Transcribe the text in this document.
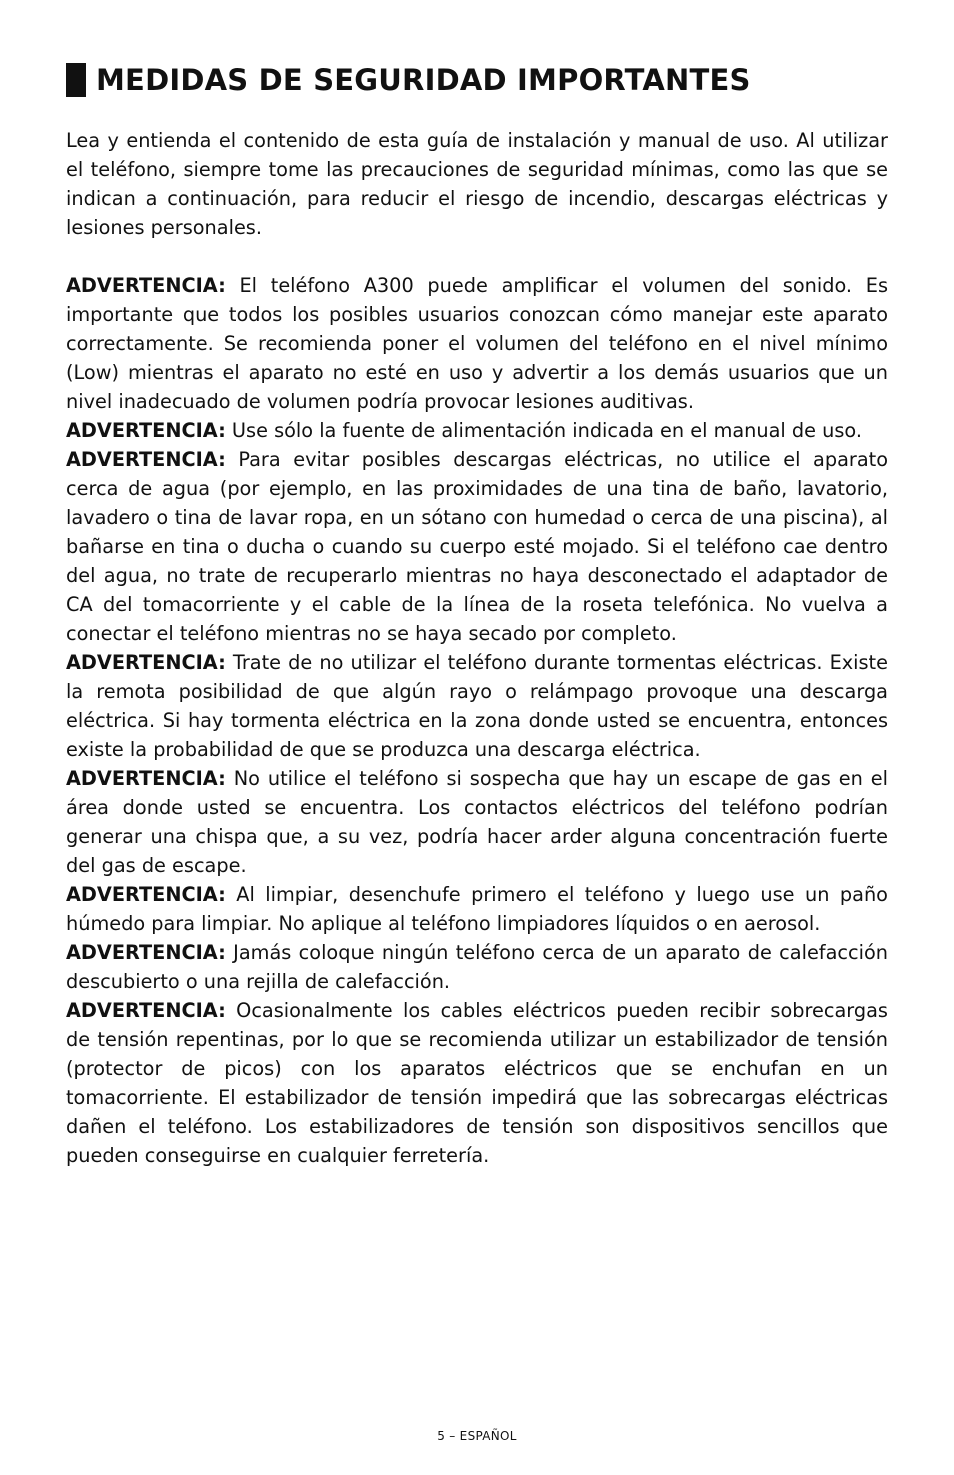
MEDIDAS DE SEGURIDAD IMPORTANTES

Lea y entienda el contenido de esta guía de instalación y manual de uso. Al utilizar el teléfono, siempre tome las precauciones de seguridad mínimas, como las que se indican a continuación, para reducir el riesgo de incendio, descargas eléctricas y lesiones personales.

ADVERTENCIA: El teléfono A300 puede amplificar el volumen del sonido. Es importante que todos los posibles usuarios conozcan cómo manejar este aparato correctamente. Se recomienda poner el volumen del teléfono en el nivel mínimo (Low) mientras el aparato no esté en uso y advertir a los demás usuarios que un nivel inadecuado de volumen podría provocar lesiones auditivas.

ADVERTENCIA: Use sólo la fuente de alimentación indicada en el manual de uso.

ADVERTENCIA: Para evitar posibles descargas eléctricas, no utilice el aparato cerca de agua (por ejemplo, en las proximidades de una tina de baño, lavatorio, lavadero o tina de lavar ropa, en un sótano con humedad o cerca de una piscina), al bañarse en tina o ducha o cuando su cuerpo esté mojado. Si el teléfono cae dentro del agua, no trate de recuperarlo mientras no haya desconectado el adaptador de CA del tomacorriente y el cable de la línea de la roseta telefónica. No vuelva a conectar el teléfono mientras no se haya secado por completo.

ADVERTENCIA: Trate de no utilizar el teléfono durante tormentas eléctricas. Existe la remota posibilidad de que algún rayo o relámpago provoque una descarga eléctrica. Si hay tormenta eléctrica en la zona donde usted se encuentra, entonces existe la probabilidad de que se produzca una descarga eléctrica.

ADVERTENCIA: No utilice el teléfono si sospecha que hay un escape de gas en el área donde usted se encuentra. Los contactos eléctricos del teléfono podrían generar una chispa que, a su vez, podría hacer arder alguna concentración fuerte del gas de escape.

ADVERTENCIA: Al limpiar, desenchufe primero el teléfono y luego use un paño húmedo para limpiar. No aplique al teléfono limpiadores líquidos o en aerosol.

ADVERTENCIA: Jamás coloque ningún teléfono cerca de un aparato de calefacción descubierto o una rejilla de calefacción.

ADVERTENCIA: Ocasionalmente los cables eléctricos pueden recibir sobrecargas de tensión repentinas, por lo que se recomienda utilizar un estabilizador de tensión (protector de picos) con los aparatos eléctricos que se enchufan en un tomacorriente. El estabilizador de tensión impedirá que las sobrecargas eléctricas dañen el teléfono. Los estabilizadores de tensión son dispositivos sencillos que pueden conseguirse en cualquier ferretería.

5 – ESPAÑOL
